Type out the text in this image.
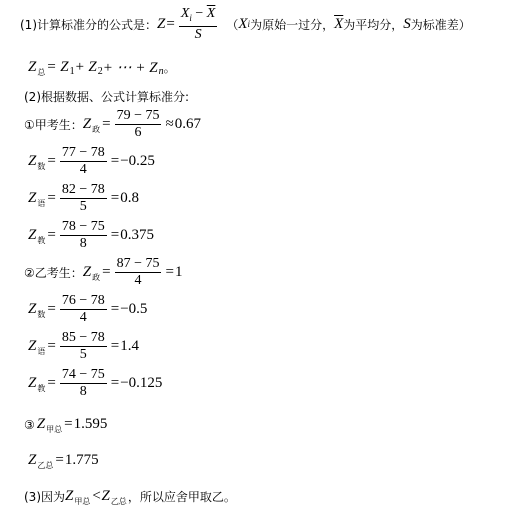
(1)计算标准分的公式是： $Z = \frac{X_i - \overline{X}}{S}$ （ X i 为原始一过分， $\overline{X}$ 为平均分， S 为标准差）
Z 总 = Z 1 + Z 2 + ⋯ + Z n 。
(2)根据数据、公式计算标准分:
①甲考生： Z 政 = $\frac{79 - 75}{6} \approx 0.67$
Z 数 = $\frac{77 - 78}{4} = -0.25$
Z 语 = $\frac{82 - 78}{5} = 0.8$
Z 教 = $\frac{78 - 75}{8} = 0.375$
②乙考生： Z 政 = $\frac{87 - 75}{4} = 1$
Z 数 = $\frac{76 - 78}{4} = -0.5$
Z 语 = $\frac{85 - 78}{5} = 1.4$
Z 教 = $\frac{74 - 75}{8} = -0.125$
③ Z 甲总 = 1.595
Z 乙总 = 1.775
(3)因为 Z 甲总 < Z 乙总 ，所以应舍甲取乙。
